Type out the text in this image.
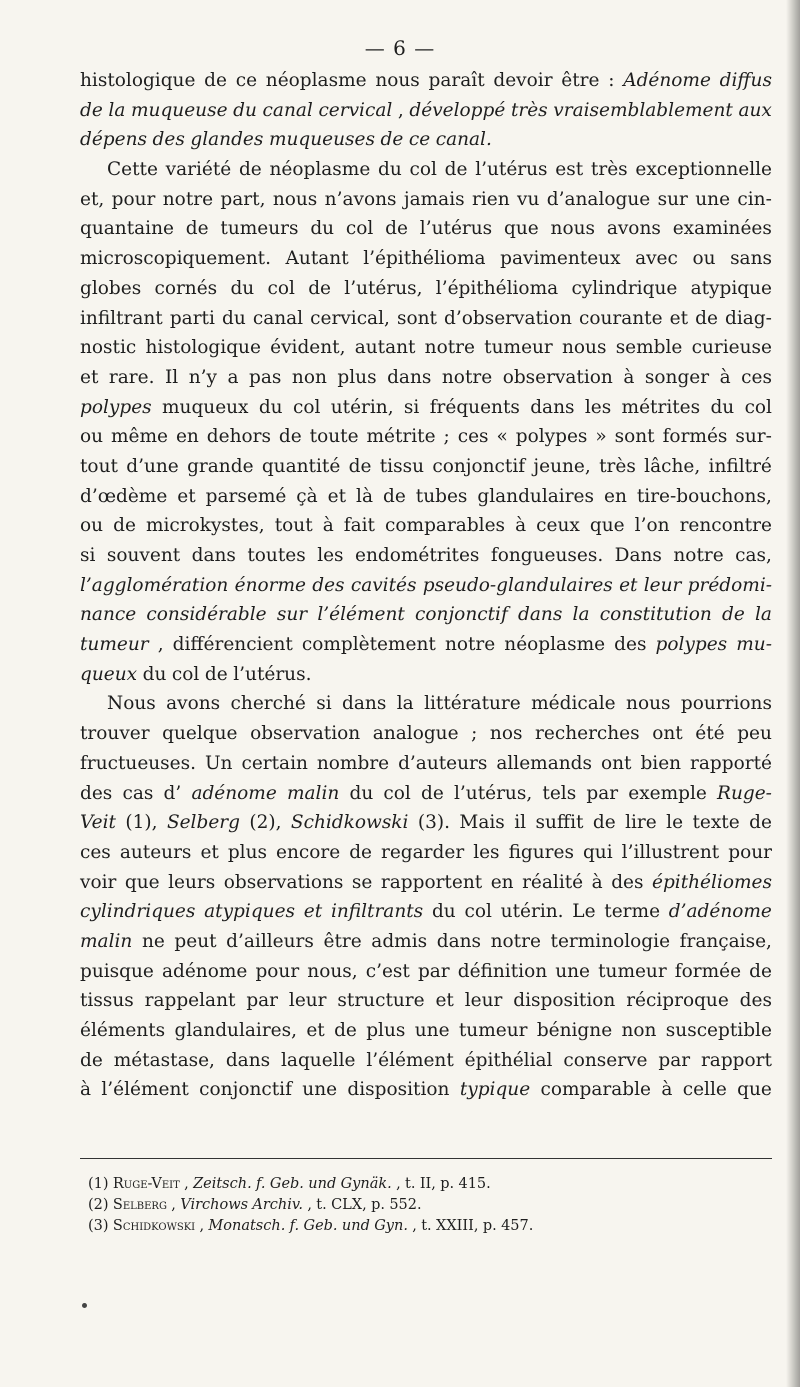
— 6 —
histologique de ce néoplasme nous paraît devoir être : Adénome diffus
de la muqueuse du canal cervical , développé très vraisemblablement aux
dépens des glandes muqueuses de ce canal.
Cette variété de néoplasme du col de l’utérus est très exceptionnelle
et, pour notre part, nous n’avons jamais rien vu d’analogue sur une cin-
quantaine de tumeurs du col de l’utérus que nous avons examinées
microscopiquement. Autant l’épithélioma pavimenteux avec ou sans
globes cornés du col de l’utérus, l’épithélioma cylindrique atypique
infiltrant parti du canal cervical, sont d’observation courante et de diag-
nostic histologique évident, autant notre tumeur nous semble curieuse
et rare. Il n’y a pas non plus dans notre observation à songer à ces
polypes muqueux du col utérin, si fréquents dans les métrites du col
ou même en dehors de toute métrite ; ces « polypes » sont formés sur-
tout d’une grande quantité de tissu conjonctif jeune, très lâche, infiltré
d’œdème et parsemé çà et là de tubes glandulaires en tire-bouchons,
ou de microkystes, tout à fait comparables à ceux que l’on rencontre
si souvent dans toutes les endométrites fongueuses. Dans notre cas,
l’agglomération énorme des cavités pseudo-glandulaires et leur prédomi-
nance considérable sur l’élément conjonctif dans la constitution de la
tumeur , différencient complètement notre néoplasme des polypes mu-
queux du col de l’utérus.
Nous avons cherché si dans la littérature médicale nous pourrions
trouver quelque observation analogue ; nos recherches ont été peu
fructueuses. Un certain nombre d’auteurs allemands ont bien rapporté
des cas d’ adénome malin du col de l’utérus, tels par exemple Ruge-
Veit (1), Selberg (2), Schidkowski (3). Mais il suffit de lire le texte de
ces auteurs et plus encore de regarder les figures qui l’illustrent pour
voir que leurs observations se rapportent en réalité à des épithéliomes
cylindriques atypiques et infiltrants du col utérin. Le terme d’adénome
malin ne peut d’ailleurs être admis dans notre terminologie française,
puisque adénome pour nous, c’est par définition une tumeur formée de
tissus rappelant par leur structure et leur disposition réciproque des
éléments glandulaires, et de plus une tumeur bénigne non susceptible
de métastase, dans laquelle l’élément épithélial conserve par rapport
à l’élément conjonctif une disposition typique comparable à celle que
(1) Ruge-Veit , Zeitsch. f. Geb. und Gynäk. , t. II, p. 415.
(2) Selberg , Virchows Archiv. , t. CLX, p. 552.
(3) Schidkowski , Monatsch. f. Geb. und Gyn. , t. XXIII, p. 457.
